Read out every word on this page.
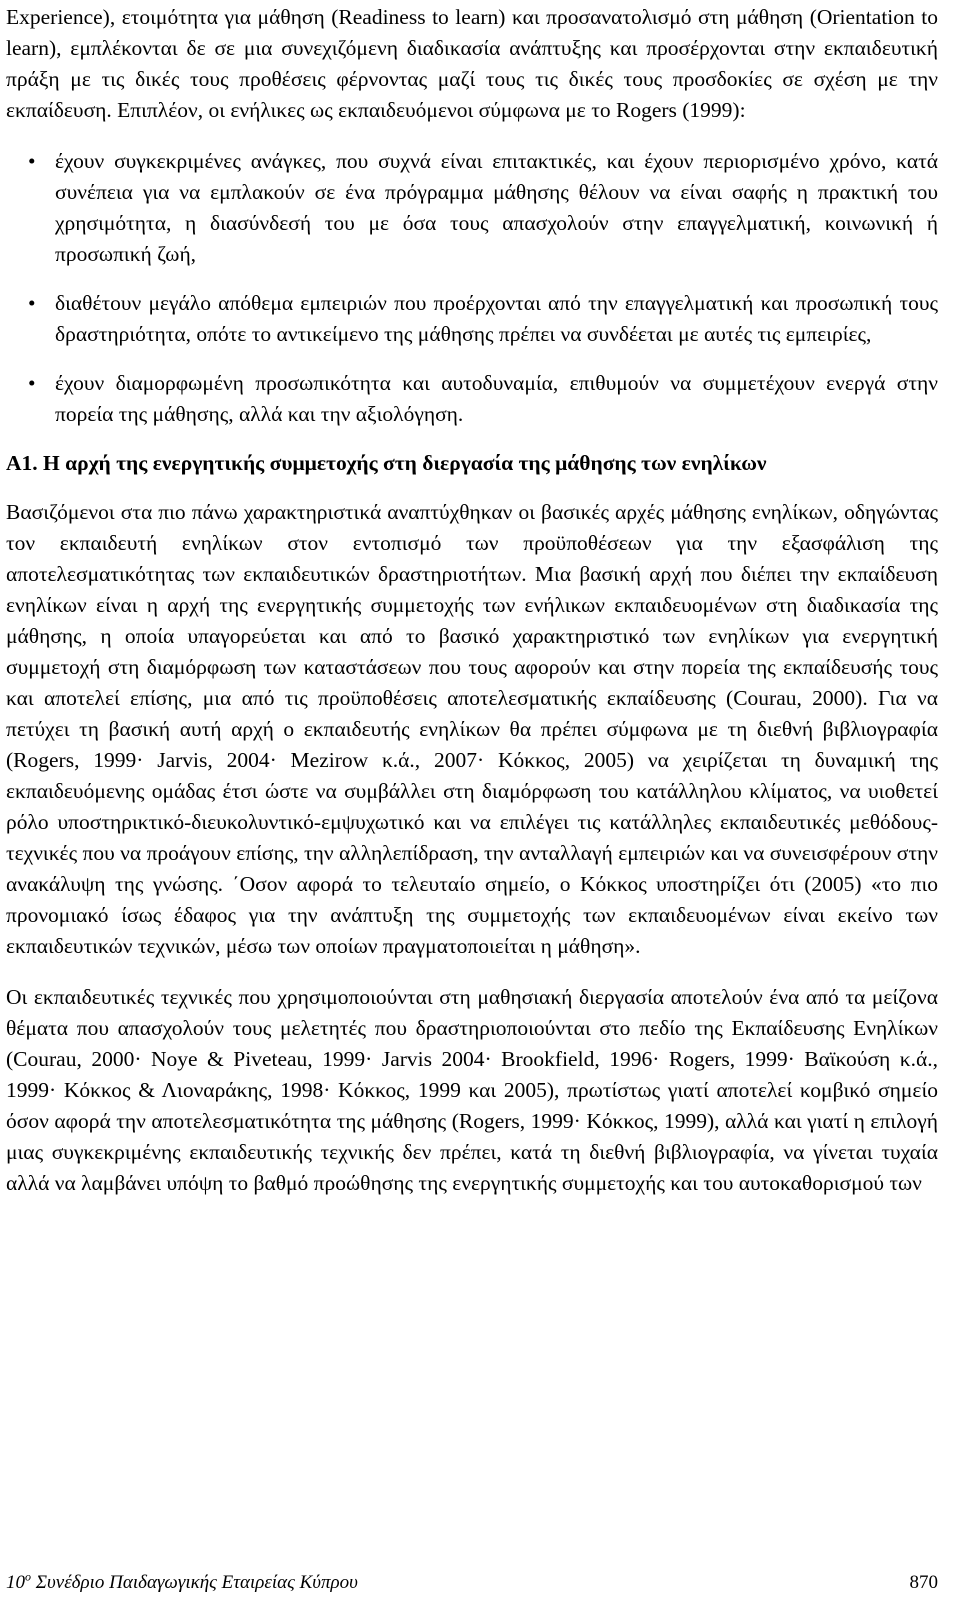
Experience), ετοιμότητα για μάθηση (Readiness to learn) και προσανατολισμό στη μάθηση (Orientation to learn), εμπλέκονται δε σε μια συνεχιζόμενη διαδικασία ανάπτυξης και προσέρχονται στην εκπαιδευτική πράξη με τις δικές τους προθέσεις φέρνοντας μαζί τους τις δικές τους προσδοκίες σε σχέση με την εκπαίδευση. Επιπλέον, οι ενήλικες ως εκπαιδευόμενοι σύμφωνα με το Rogers (1999):

• έχουν συγκεκριμένες ανάγκες, που συχνά είναι επιτακτικές, και έχουν περιορισμένο χρόνο, κατά συνέπεια για να εμπλακούν σε ένα πρόγραμμα μάθησης θέλουν να είναι σαφής η πρακτική του χρησιμότητα, η διασύνδεσή του με όσα τους απασχολούν στην επαγγελματική, κοινωνική ή προσωπική ζωή,
• διαθέτουν μεγάλο απόθεμα εμπειριών που προέρχονται από την επαγγελματική και προσωπική τους δραστηριότητα, οπότε το αντικείμενο της μάθησης πρέπει να συνδέεται με αυτές τις εμπειρίες,
• έχουν διαμορφωμένη προσωπικότητα και αυτοδυναμία, επιθυμούν να συμμετέχουν ενεργά στην πορεία της μάθησης, αλλά και την αξιολόγηση.

A1. Η αρχή της ενεργητικής συμμετοχής στη διεργασία της μάθησης των ενηλίκων

Βασιζόμενοι στα πιο πάνω χαρακτηριστικά αναπτύχθηκαν οι βασικές αρχές μάθησης ενηλίκων, οδηγώντας τον εκπαιδευτή ενηλίκων στον εντοπισμό των προϋποθέσεων για την εξασφάλιση της αποτελεσματικότητας των εκπαιδευτικών δραστηριοτήτων. Μια βασική αρχή που διέπει την εκπαίδευση ενηλίκων είναι η αρχή της ενεργητικής συμμετοχής των ενήλικων εκπαιδευομένων στη διαδικασία της μάθησης, η οποία υπαγορεύεται και από το βασικό χαρακτηριστικό των ενηλίκων για ενεργητική συμμετοχή στη διαμόρφωση των καταστάσεων που τους αφορούν και στην πορεία της εκπαίδευσής τους και αποτελεί επίσης, μια από τις προϋποθέσεις αποτελεσματικής εκπαίδευσης (Courau, 2000). Για να πετύχει τη βασική αυτή αρχή ο εκπαιδευτής ενηλίκων θα πρέπει σύμφωνα με τη διεθνή βιβλιογραφία (Rogers, 1999· Jarvis, 2004· Mezirow κ.ά., 2007· Κόκκος, 2005) να χειρίζεται τη δυναμική της εκπαιδευόμενης ομάδας έτσι ώστε να συμβάλλει στη διαμόρφωση του κατάλληλου κλίματος, να υιοθετεί ρόλο υποστηρικτικό-διευκολυντικό-εμψυχωτικό και να επιλέγει τις κατάλληλες εκπαιδευτικές μεθόδους-τεχνικές που να προάγουν επίσης, την αλληλεπίδραση, την ανταλλαγή εμπειριών και να συνεισφέρουν στην ανακάλυψη της γνώσης. ΄Οσον αφορά το τελευταίο σημείο, ο Κόκκος υποστηρίζει ότι (2005) «το πιο προνομιακό ίσως έδαφος για την ανάπτυξη της συμμετοχής των εκπαιδευομένων είναι εκείνο των εκπαιδευτικών τεχνικών, μέσω των οποίων πραγματοποιείται η μάθηση».

Οι εκπαιδευτικές τεχνικές που χρησιμοποιούνται στη μαθησιακή διεργασία αποτελούν ένα από τα μείζονα θέματα που απασχολούν τους μελετητές που δραστηριοποιούνται στο πεδίο της Εκπαίδευσης Ενηλίκων (Courau, 2000· Noye & Piveteau, 1999· Jarvis 2004· Brookfield, 1996· Rogers, 1999· Βαϊκούση κ.ά., 1999· Κόκκος & Λιοναράκης, 1998· Κόκκος, 1999 και 2005), πρωτίστως γιατί αποτελεί κομβικό σημείο όσον αφορά την αποτελεσματικότητα της μάθησης (Rogers, 1999· Κόκκος, 1999), αλλά και γιατί η επιλογή μιας συγκεκριμένης εκπαιδευτικής τεχνικής δεν πρέπει, κατά τη διεθνή βιβλιογραφία, να γίνεται τυχαία αλλά να λαμβάνει υπόψη το βαθμό προώθησης της ενεργητικής συμμετοχής και του αυτοκαθορισμού των

$10^o$ Συνέδριο Παιδαγωγικής Εταιρείας Κύπρου	870
